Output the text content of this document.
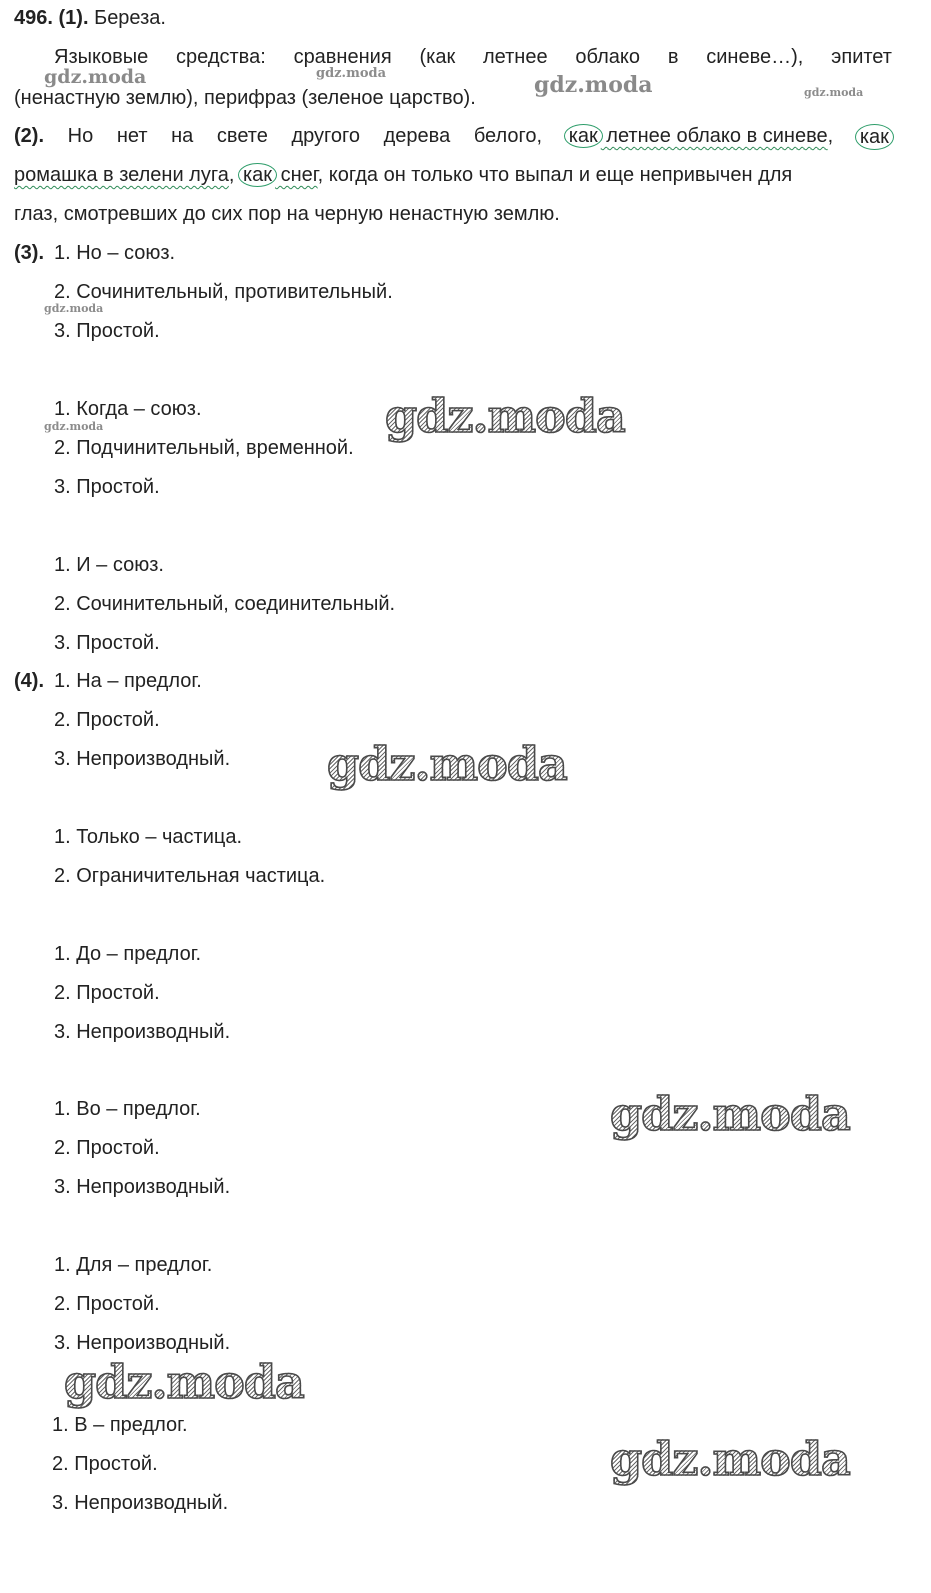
496. (1). Береза.
Языковые средства: сравнения (как летнее облако в синеве…), эпитет
(ненастную землю), перифраз (зеленое царство).
(2). Но нет на свете другого дерева белого, как летнее облако в синеве, как
ромашка в зелени луга, как снег, когда он только что выпал и еще непривычен для
глаз, смотревших до сих пор на черную ненастную землю.
(3). 1. Но – союз.
2. Сочинительный, противительный.
3. Простой.
1. Когда – союз.
2. Подчинительный, временной.
3. Простой.
1. И – союз.
2. Сочинительный, соединительный.
3. Простой.
(4). 1. На – предлог.
2. Простой.
3. Непроизводный.
1. Только – частица.
2. Ограничительная частица.
1. До – предлог.
2. Простой.
3. Непроизводный.
1. Во – предлог.
2. Простой.
3. Непроизводный.
1. Для – предлог.
2. Простой.
3. Непроизводный.
1. В – предлог.
2. Простой.
3. Непроизводный.
gdz.moda	gdz.moda	gdz.moda	gdz.moda
gdz.moda
gdz.moda	gdz.moda
gdz.moda
gdz.moda
gdz.moda
gdz.moda
